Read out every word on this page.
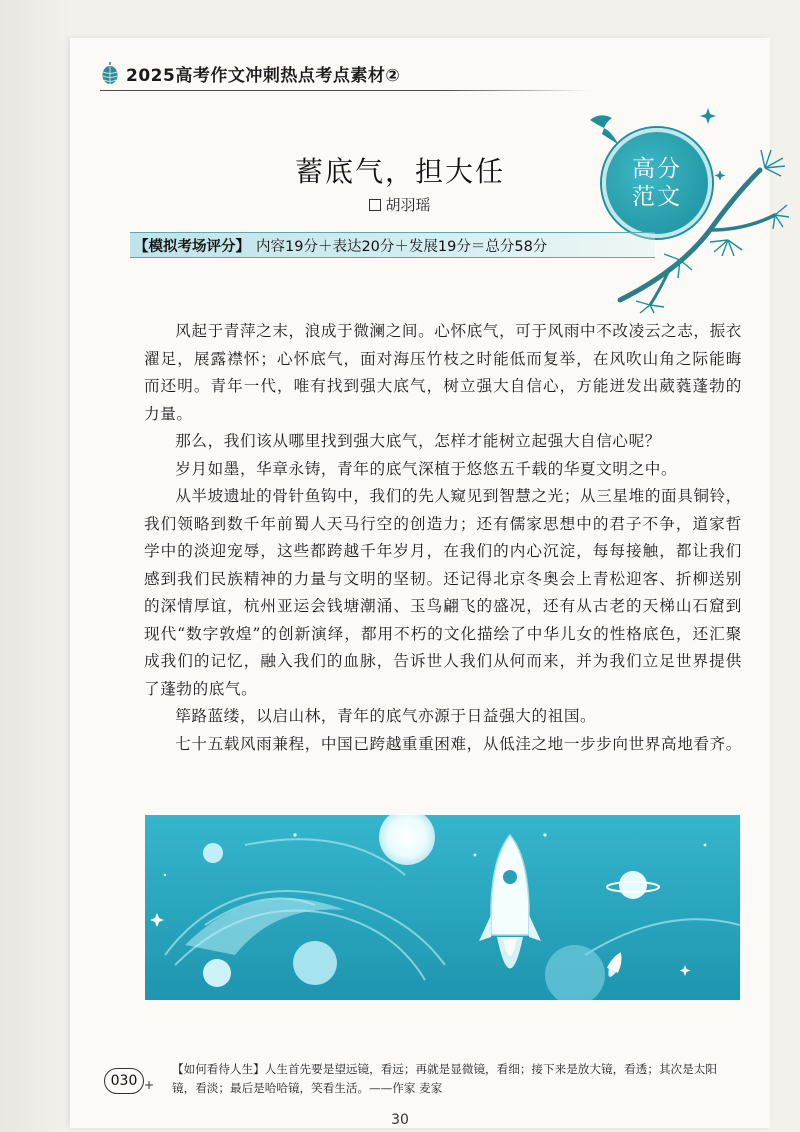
2025高考作文冲刺热点考点素材②
高分
范文
蓄底气，担大任
胡羽瑶
【模拟考场评分】 内容19分＋表达20分＋发展19分＝总分58分

风起于青萍之末，浪成于微澜之间。心怀底气，可于风雨中不改凌云之志，振衣濯足，展露襟怀；心怀底气，面对海压竹枝之时能低而复举，在风吹山角之际能晦而还明。青年一代，唯有找到强大底气，树立强大自信心，方能迸发出葳蕤蓬勃的力量。

那么，我们该从哪里找到强大底气，怎样才能树立起强大自信心呢？

岁月如墨，华章永铸，青年的底气深植于悠悠五千载的华夏文明之中。

从半坡遗址的骨针鱼钩中，我们的先人窥见到智慧之光；从三星堆的面具铜铃，我们领略到数千年前蜀人天马行空的创造力；还有儒家思想中的君子不争，道家哲学中的淡迎宠辱，这些都跨越千年岁月，在我们的内心沉淀，每每接触，都让我们感到我们民族精神的力量与文明的坚韧。还记得北京冬奥会上青松迎客、折柳送别的深情厚谊，杭州亚运会钱塘潮涌、玉鸟翩飞的盛况，还有从古老的天梯山石窟到现代“数字敦煌”的创新演绎，都用不朽的文化描绘了中华儿女的性格底色，还汇聚成我们的记忆，融入我们的血脉，告诉世人我们从何而来，并为我们立足世界提供了蓬勃的底气。

筚路蓝缕，以启山林，青年的底气亦源于日益强大的祖国。

七十五载风雨兼程，中国已跨越重重困难，从低洼之地一步步向世界高地看齐。

030 +
【如何看待人生】人生首先要是望远镜，看远；再就是显微镜，看细；接下来是放大镜，看透；其次是太阳镜，看淡；最后是哈哈镜，笑看生活。——作家 麦家
30
